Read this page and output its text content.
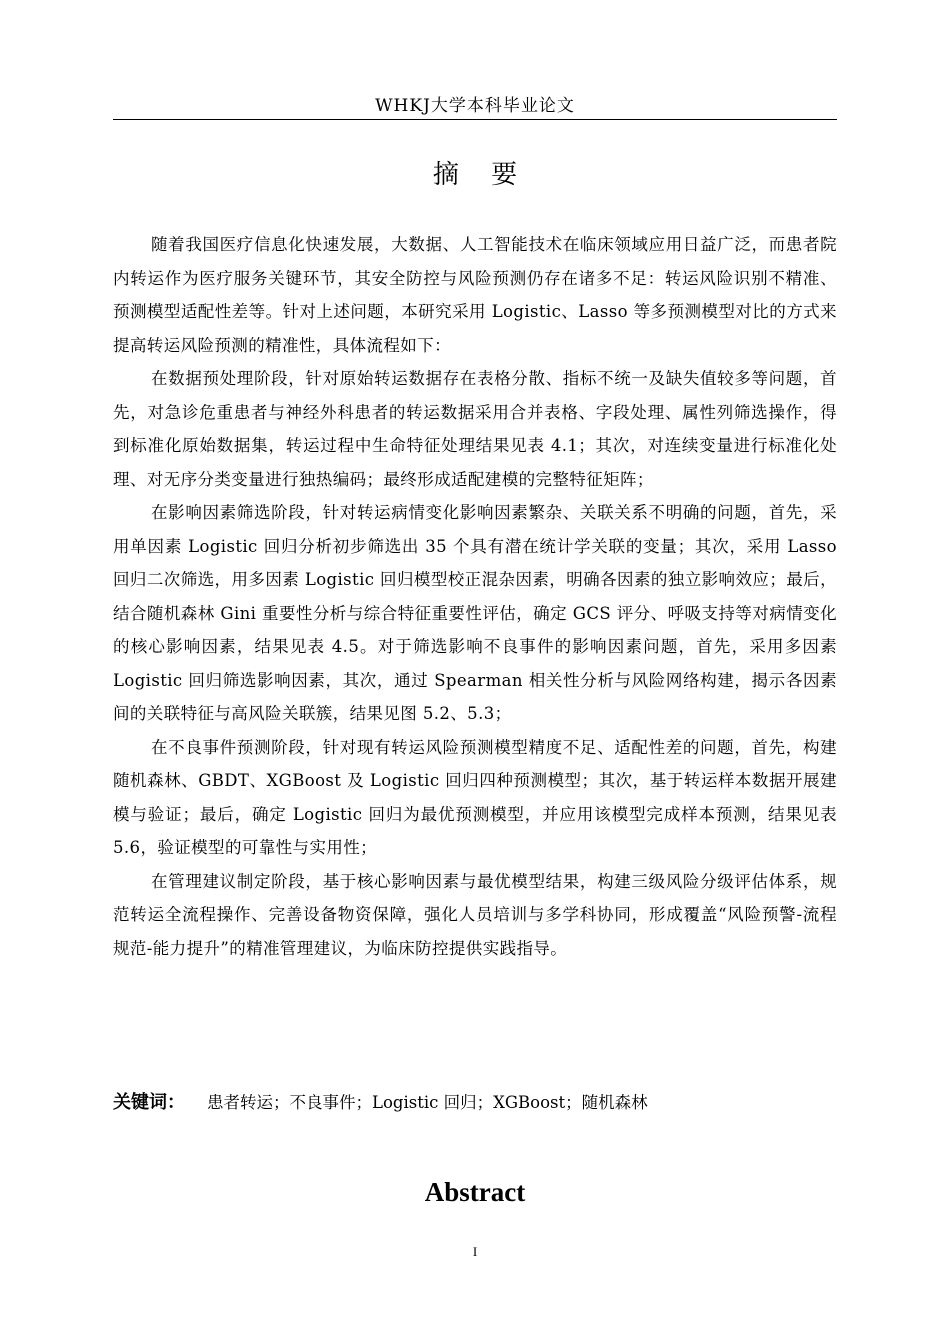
WHKJ大学本科毕业论文
摘 要

随着我国医疗信息化快速发展，大数据、人工智能技术在临床领域应用日益广泛，而患者院内转运作为医疗服务关键环节，其安全防控与风险预测仍存在诸多不足：转运风险识别不精准、预测模型适配性差等。针对上述问题，本研究采用 Logistic、Lasso 等多预测模型对比的方式来提高转运风险预测的精准性，具体流程如下：

在数据预处理阶段，针对原始转运数据存在表格分散、指标不统一及缺失值较多等问题，首先，对急诊危重患者与神经外科患者的转运数据采用合并表格、字段处理、属性列筛选操作，得到标准化原始数据集，转运过程中生命特征处理结果见表 4.1；其次，对连续变量进行标准化处理、对无序分类变量进行独热编码；最终形成适配建模的完整特征矩阵；

在影响因素筛选阶段，针对转运病情变化影响因素繁杂、关联关系不明确的问题，首先，采用单因素 Logistic 回归分析初步筛选出 35 个具有潜在统计学关联的变量；其次，采用 Lasso 回归二次筛选，用多因素 Logistic 回归模型校正混杂因素，明确各因素的独立影响效应；最后，结合随机森林 Gini 重要性分析与综合特征重要性评估，确定 GCS 评分、呼吸支持等对病情变化的核心影响因素，结果见表 4.5。对于筛选影响不良事件的影响因素问题，首先，采用多因素 Logistic 回归筛选影响因素，其次，通过 Spearman 相关性分析与风险网络构建，揭示各因素间的关联特征与高风险关联簇，结果见图 5.2、5.3；

在不良事件预测阶段，针对现有转运风险预测模型精度不足、适配性差的问题，首先，构建随机森林、GBDT、XGBoost 及 Logistic 回归四种预测模型；其次，基于转运样本数据开展建模与验证；最后，确定 Logistic 回归为最优预测模型，并应用该模型完成样本预测，结果见表 5.6，验证模型的可靠性与实用性；

在管理建议制定阶段，基于核心影响因素与最优模型结果，构建三级风险分级评估体系，规范转运全流程操作、完善设备物资保障，强化人员培训与多学科协同，形成覆盖“风险预警-流程规范-能力提升”的精准管理建议，为临床防控提供实践指导。

关键词： 患者转运；不良事件；Logistic 回归；XGBoost；随机森林
Abstract
I
